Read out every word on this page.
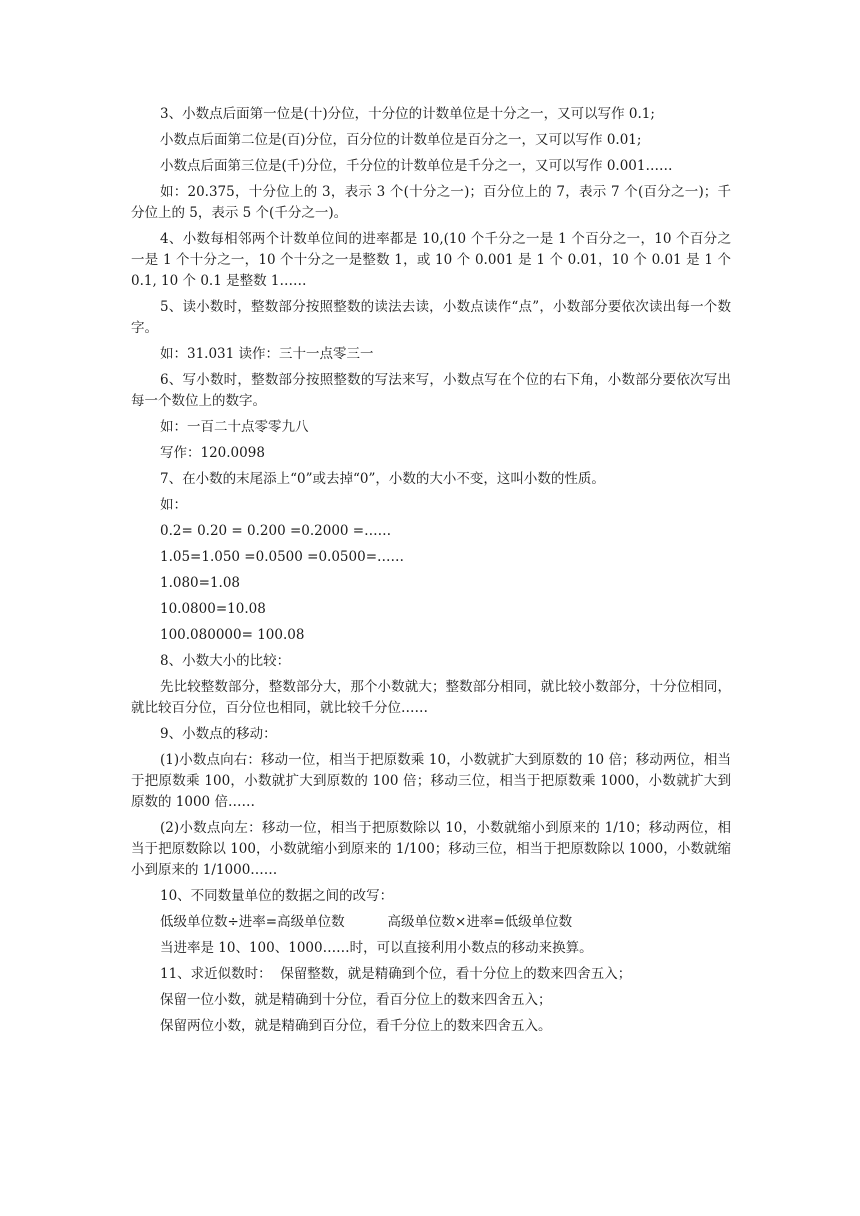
3、小数点后面第一位是(十)分位，十分位的计数单位是十分之一，又可以写作 0.1;

小数点后面第二位是(百)分位，百分位的计数单位是百分之一，又可以写作 0.01;

小数点后面第三位是(千)分位，千分位的计数单位是千分之一，又可以写作 0.001……

如：20.375，十分位上的 3，表示 3 个(十分之一)；百分位上的 7，表示 7 个(百分之一)；千分位上的 5，表示 5 个(千分之一)。

4、小数每相邻两个计数单位间的进率都是 10,(10 个千分之一是 1 个百分之一，10 个百分之一是 1 个十分之一，10 个十分之一是整数 1，或 10 个 0.001 是 1 个 0.01，10 个 0.01 是 1 个 0.1, 10 个 0.1 是整数 1……

5、读小数时，整数部分按照整数的读法去读，小数点读作“点”，小数部分要依次读出每一个数字。

如：31.031 读作：三十一点零三一

6、写小数时，整数部分按照整数的写法来写，小数点写在个位的右下角，小数部分要依次写出每一个数位上的数字。

如：一百二十点零零九八

写作：120.0098

7、在小数的末尾添上“0”或去掉“0”，小数的大小不变，这叫小数的性质。

如：

0.2= 0.20 = 0.200 =0.2000 =……

1.05=1.050 =0.0500 =0.0500=……

1.080=1.08

10.0800=10.08

100.080000= 100.08

8、小数大小的比较：

先比较整数部分，整数部分大，那个小数就大；整数部分相同，就比较小数部分，十分位相同，就比较百分位，百分位也相同，就比较千分位……

9、小数点的移动：

(1)小数点向右：移动一位，相当于把原数乘 10，小数就扩大到原数的 10 倍；移动两位，相当于把原数乘 100，小数就扩大到原数的 100 倍；移动三位，相当于把原数乘 1000，小数就扩大到原数的 1000 倍……

(2)小数点向左：移动一位，相当于把原数除以 10，小数就缩小到原来的 1/10；移动两位，相当于把原数除以 100，小数就缩小到原来的 1/100；移动三位，相当于把原数除以 1000，小数就缩小到原来的 1/1000……

10、不同数量单位的数据之间的改写：

低级单位数÷进率=高级单位数          高级单位数×进率=低级单位数

当进率是 10、100、1000……时，可以直接利用小数点的移动来换算。

11、求近似数时：  保留整数，就是精确到个位，看十分位上的数来四舍五入；

保留一位小数，就是精确到十分位，看百分位上的数来四舍五入；

保留两位小数，就是精确到百分位，看千分位上的数来四舍五入。
